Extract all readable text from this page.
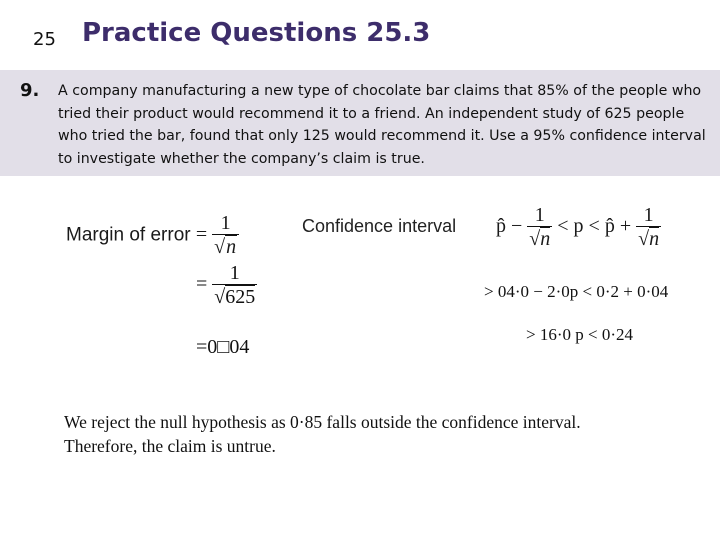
25 Practice Questions 25.3
9. A company manufacturing a new type of chocolate bar claims that 85% of the people who tried their product would recommend it to a friend. An independent study of 625 people who tried the bar, found that only 125 would recommend it. Use a 95% confidence interval to investigate whether the company’s claim is true.
Margin of error = $\frac{1}{√n}$
= $\frac{1}{√625}$
=0□04
Confidence interval p̂ − $\frac{1}{√n} < p$ < p̂ + $\frac{1}{√n}$
> 04·0 − 2·0p < 0·2 + 0·04
> 16·0 p < 0·24
We reject the null hypothesis as 0·85 falls outside the confidence interval.
Therefore, the claim is untrue.
